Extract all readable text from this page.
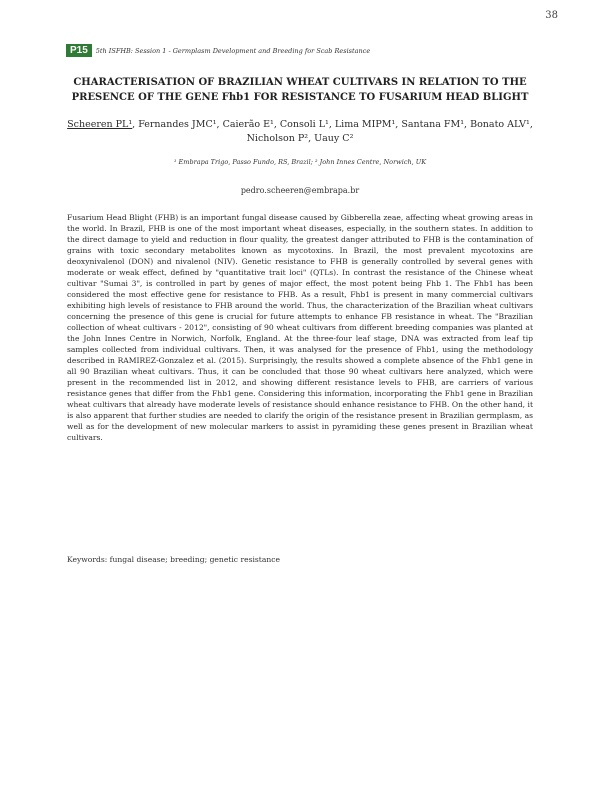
38
P15	5th ISFHB: Session 1 - Germplasm Development and Breeding for Scab Resistance
CHARACTERISATION OF BRAZILIAN WHEAT CULTIVARS IN RELATION TO THE PRESENCE OF THE GENE Fhb1 FOR RESISTANCE TO FUSARIUM HEAD BLIGHT
Scheeren PL¹, Fernandes JMC¹, Caierão E¹, Consoli L¹, Lima MIPM¹, Santana FM¹, Bonato ALV¹, Nicholson P², Uauy C²
¹ Embrapa Trigo, Passo Fundo, RS, Brazil; ² John Innes Centre, Norwich, UK
pedro.scheeren@embrapa.br

Fusarium Head Blight (FHB) is an important fungal disease caused by Gibberella zeae, affecting wheat growing areas in the world. In Brazil, FHB is one of the most important wheat diseases, especially, in the southern states. In addition to the direct damage to yield and reduction in flour quality, the greatest danger attributed to FHB is the contamination of grains with toxic secondary metabolites known as mycotoxins. In Brazil, the most prevalent mycotoxins are deoxynivalenol (DON) and nivalenol (NIV). Genetic resistance to FHB is generally controlled by several genes with moderate or weak effect, defined by "quantitative trait loci" (QTLs). In contrast the resistance of the Chinese wheat cultivar "Sumai 3", is controlled in part by genes of major effect, the most potent being Fhb 1. The Fhb1 has been considered the most effective gene for resistance to FHB. As a result, Fhb1 is present in many commercial cultivars exhibiting high levels of resistance to FHB around the world. Thus, the characterization of the Brazilian wheat cultivars concerning the presence of this gene is crucial for future attempts to enhance FB resistance in wheat. The "Brazilian collection of wheat cultivars - 2012", consisting of 90 wheat cultivars from different breeding companies was planted at the John Innes Centre in Norwich, Norfolk, England. At the three-four leaf stage, DNA was extracted from leaf tip samples collected from individual cultivars. Then, it was analysed for the presence of Fhb1, using the methodology described in RAMIREZ-Gonzalez et al. (2015). Surprisingly, the results showed a complete absence of the Fhb1 gene in all 90 Brazilian wheat cultivars. Thus, it can be concluded that those 90 wheat cultivars here analyzed, which were present in the recommended list in 2012, and showing different resistance levels to FHB, are carriers of various resistance genes that differ from the Fhb1 gene. Considering this information, incorporating the Fhb1 gene in Brazilian wheat cultivars that already have moderate levels of resistance should enhance resistance to FHB. On the other hand, it is also apparent that further studies are needed to clarify the origin of the resistance present in Brazilian germplasm, as well as for the development of new molecular markers to assist in pyramiding these genes present in Brazilian wheat cultivars.

Keywords: fungal disease; breeding; genetic resistance
